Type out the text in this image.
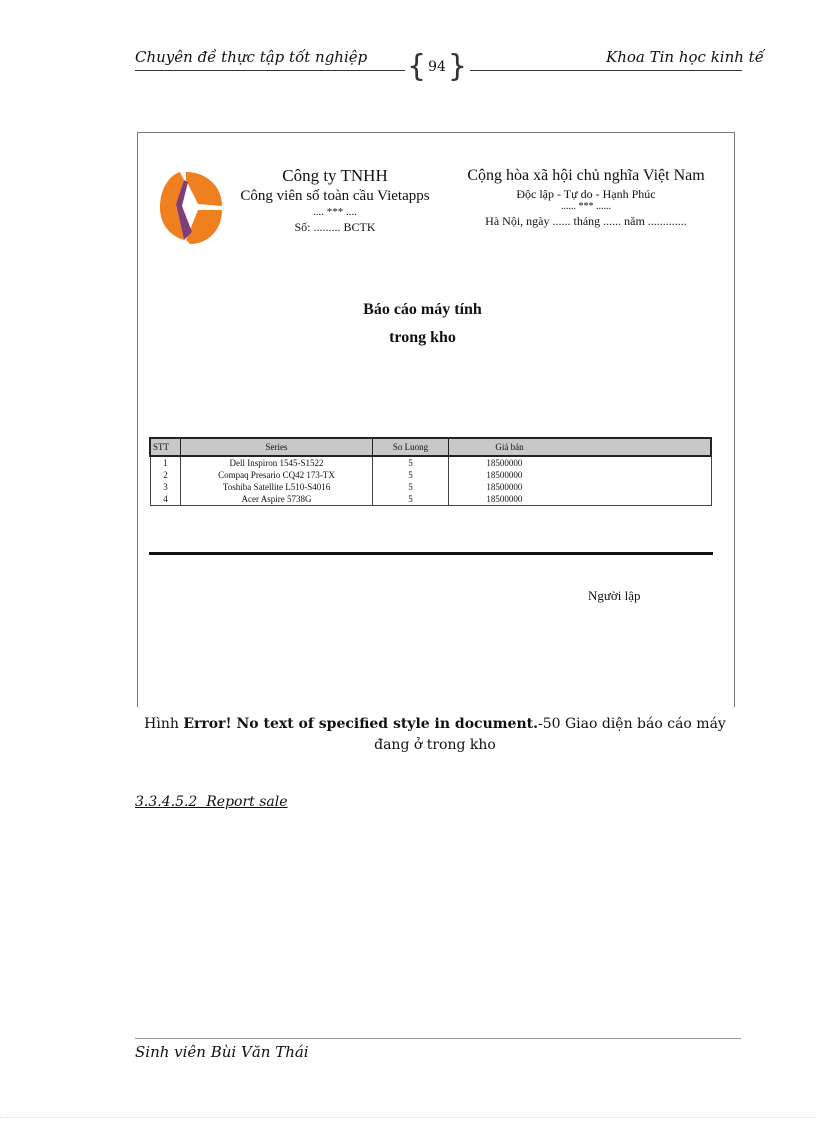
Chuyên đề thực tập tốt nghiệp { 94 }	Khoa Tin học kinh tế
Công ty TNHH
Công viên số toàn cầu Vietapps
.... *** ....
Số: ......... BCTK
Cộng hòa xã hội chủ nghĩa Việt Nam
Độc lập - Tự do - Hạnh Phúc
...... *** ......
Hà Nội, ngày ...... tháng ...... năm .............
Báo cáo máy tính
trong kho
STT	Series	So Luong	Giá bán
1	Dell Inspiron 1545-S1522	5	18500000
2	Compaq Presario CQ42 173-TX	5	18500000
3	Toshiba Satellite L510-S4016	5	18500000
4	Acer Aspire 5738G	5	18500000
Người lập
Hình Error! No text of specified style in document.-50 Giao diện báo cáo máy
đang ở trong kho
3.3.4.5.2  Report sale
Sinh viên Bùi Văn Thái
